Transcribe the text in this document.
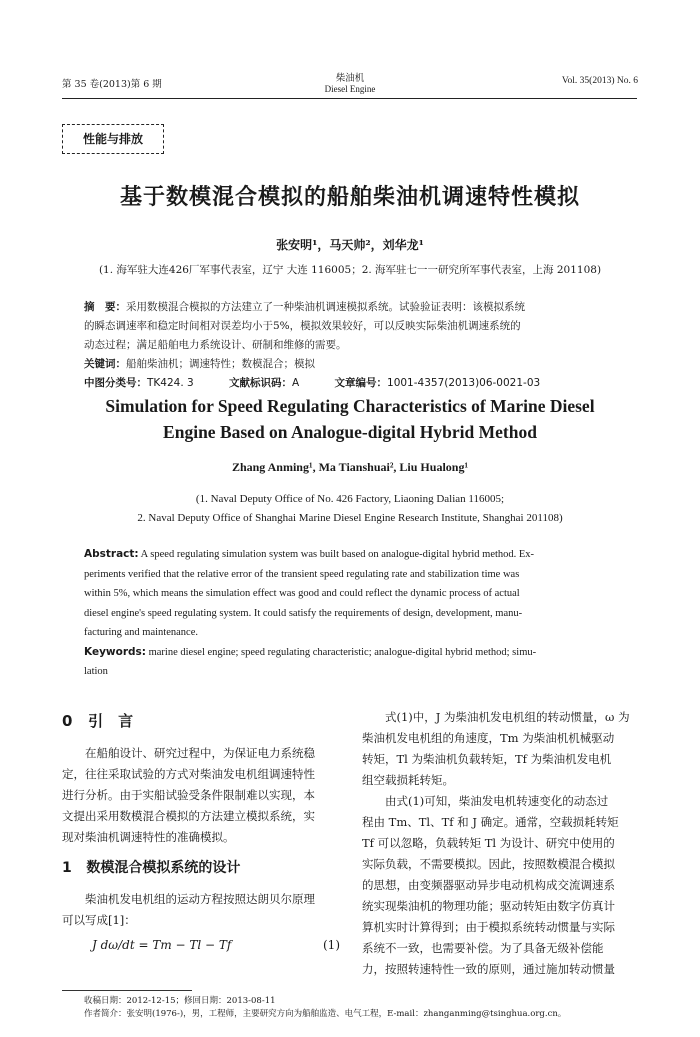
第 35 卷(2013)第 6 期
柴油机
Diesel Engine
Vol. 35(2013) No. 6
性能与排放
基于数模混合模拟的船舶柴油机调速特性模拟
张安明¹，马天帅²，刘华龙¹
(1. 海军驻大连426厂军事代表室，辽宁 大连 116005；2. 海军驻七一一研究所军事代表室，上海 201108)
摘　要：采用数模混合模拟的方法建立了一种柴油机调速模拟系统。试验验证表明：该模拟系统
的瞬态调速率和稳定时间相对误差均小于5%，模拟效果较好，可以反映实际柴油机调速系统的
动态过程；满足船舶电力系统设计、研制和维修的需要。
关键词：船舶柴油机；调速特性；数模混合；模拟
中图分类号：TK424. 3	文献标识码：A	文章编号：1001-4357(2013)06-0021-03
Simulation for Speed Regulating Characteristics of Marine Diesel
Engine Based on Analogue-digital Hybrid Method
Zhang Anming¹, Ma Tianshuai², Liu Hualong¹
(1. Naval Deputy Office of No. 426 Factory, Liaoning Dalian 116005;
2. Naval Deputy Office of Shanghai Marine Diesel Engine Research Institute, Shanghai 201108)
Abstract: A speed regulating simulation system was built based on analogue-digital hybrid method. Ex-
periments verified that the relative error of the transient speed regulating rate and stabilization time was
within 5%, which means the simulation effect was good and could reflect the dynamic process of actual
diesel engine's speed regulating system. It could satisfy the requirements of design, development, manu-
facturing and maintenance.
Keywords: marine diesel engine; speed regulating characteristic; analogue-digital hybrid method; simu-
lation
0 引　言

在船舶设计、研究过程中，为保证电力系统稳

定，往往采取试验的方式对柴油发电机组调速特性

进行分析。由于实船试验受条件限制难以实现，本

文提出采用数模混合模拟的方法建立模拟系统，实

现对柴油机调速特性的准确模拟。

1 数模混合模拟系统的设计

柴油机发电机组的运动方程按照达朗贝尔原理

可以写成[1]：

J dω/dt = Tm − Tl − Tf	(1)

式(1)中，J 为柴油机发电机组的转动惯量，ω 为

柴油机发电机组的角速度，Tm 为柴油机机械驱动

转矩，Tl 为柴油机负载转矩，Tf 为柴油机发电机

组空载损耗转矩。

由式(1)可知，柴油发电机转速变化的动态过

程由 Tm、Tl、Tf 和 J 确定。通常，空载损耗转矩

Tf 可以忽略，负载转矩 Tl 为设计、研究中使用的

实际负载，不需要模拟。因此，按照数模混合模拟

的思想，由变频器驱动异步电动机构成交流调速系

统实现柴油机的物理功能；驱动转矩由数字仿真计

算机实时计算得到；由于模拟系统转动惯量与实际

系统不一致，也需要补偿。为了具备无级补偿能

力，按照转速特性一致的原则，通过施加转动惯量

收稿日期：2012-12-15；修回日期：2013-08-11
作者简介：张安明(1976-)，男，工程师，主要研究方向为船舶监造、电气工程，E-mail：zhanganming@tsinghua.org.cn。
